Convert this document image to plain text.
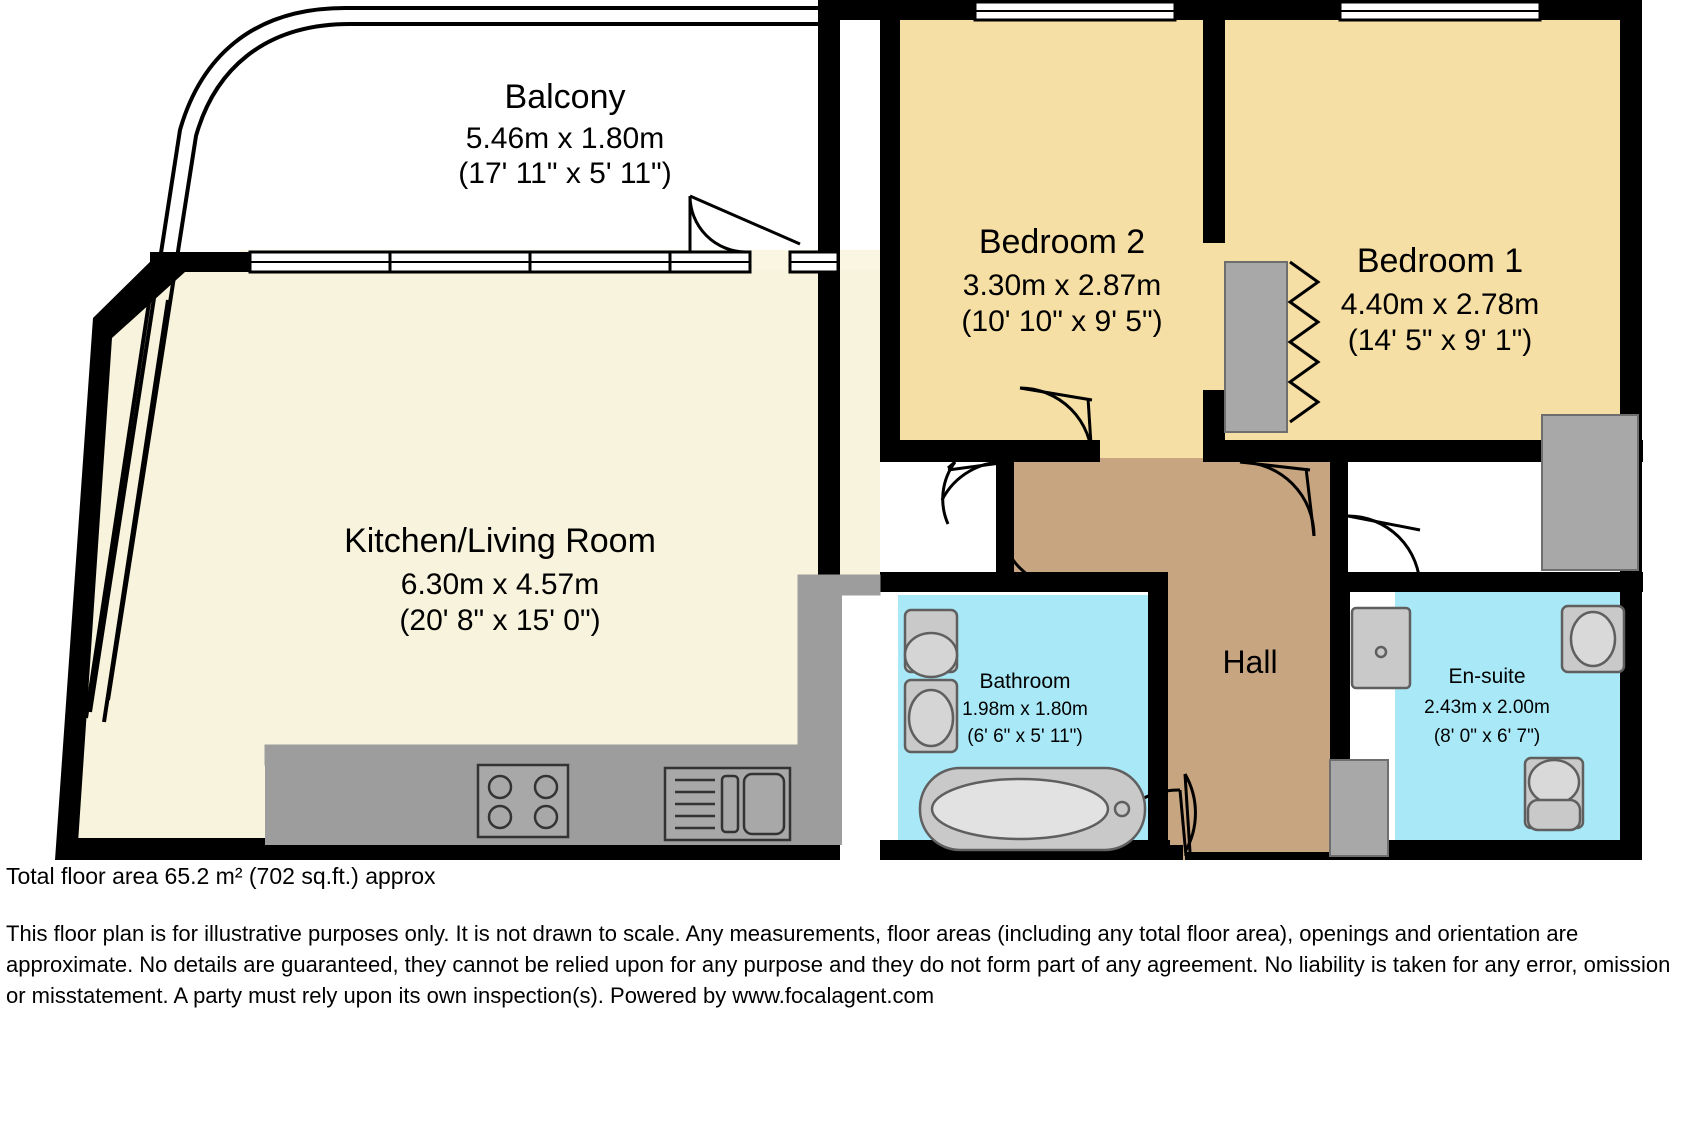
Balcony
5.46m x 1.80m
(17' 11" x 5' 11")
Kitchen/Living Room
6.30m x 4.57m
(20' 8" x 15' 0")
Bedroom 2
3.30m x 2.87m
(10' 10" x 9' 5")
Bedroom 1
4.40m x 2.78m
(14' 5" x 9' 1")
Bathroom
1.98m x 1.80m
(6' 6" x 5' 11")
En-suite
2.43m x 2.00m
(8' 0" x 6' 7")
Hall

Total floor area 65.2 m² (702 sq.ft.) approx

This floor plan is for illustrative purposes only. It is not drawn to scale. Any measurements, floor areas (including any total floor area), openings and orientation are approximate. No details are guaranteed, they cannot be relied upon for any purpose and they do not form part of any agreement. No liability is taken for any error, omission or misstatement. A party must rely upon its own inspection(s). Powered by www.focalagent.com
